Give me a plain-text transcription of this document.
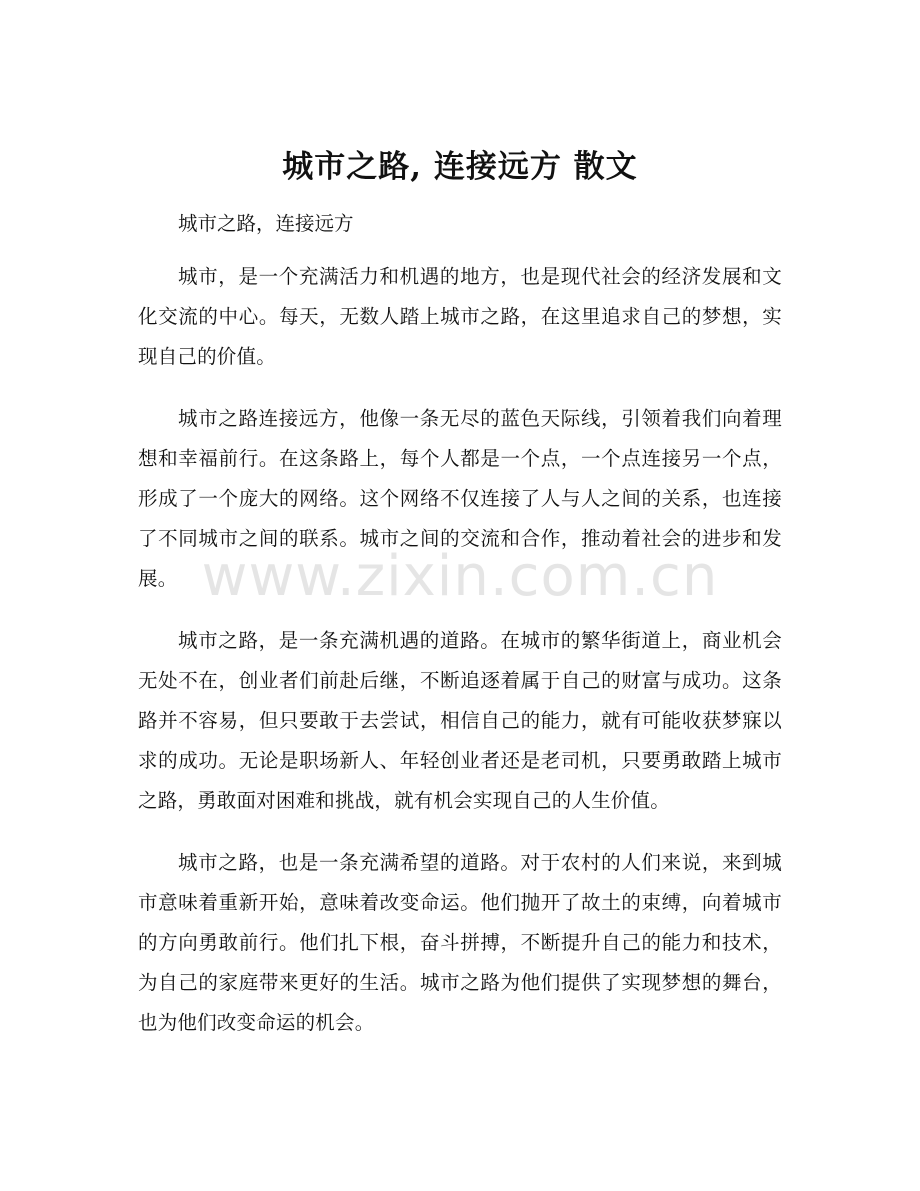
城市之路, 连接远方 散文

城市之路，连接远方

城市，是一个充满活力和机遇的地方，也是现代社会的经济发展和文化交流的中心。每天，无数人踏上城市之路，在这里追求自己的梦想，实现自己的价值。

城市之路连接远方，他像一条无尽的蓝色天际线，引领着我们向着理想和幸福前行。在这条路上，每个人都是一个点，一个点连接另一个点，形成了一个庞大的网络。这个网络不仅连接了人与人之间的关系，也连接了不同城市之间的联系。城市之间的交流和合作，推动着社会的进步和发展。

城市之路，是一条充满机遇的道路。在城市的繁华街道上，商业机会无处不在，创业者们前赴后继，不断追逐着属于自己的财富与成功。这条路并不容易，但只要敢于去尝试，相信自己的能力，就有可能收获梦寐以求的成功。无论是职场新人、年轻创业者还是老司机，只要勇敢踏上城市之路，勇敢面对困难和挑战，就有机会实现自己的人生价值。

城市之路，也是一条充满希望的道路。对于农村的人们来说，来到城市意味着重新开始，意味着改变命运。他们抛开了故土的束缚，向着城市的方向勇敢前行。他们扎下根，奋斗拼搏，不断提升自己的能力和技术，为自己的家庭带来更好的生活。城市之路为他们提供了实现梦想的舞台，也为他们改变命运的机会。

www.zixin.com.cn
